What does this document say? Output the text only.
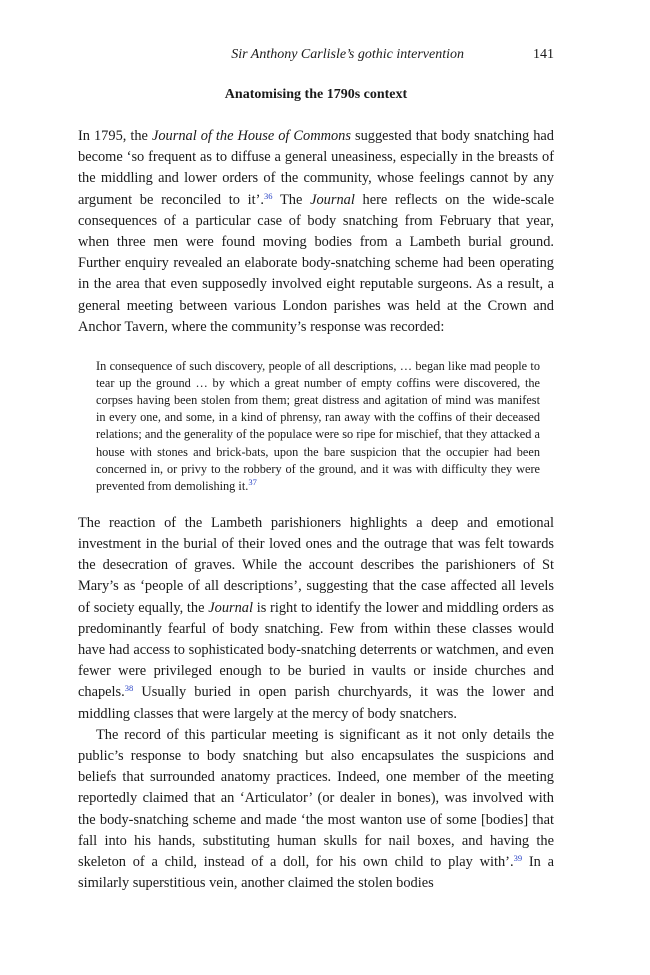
Sir Anthony Carlisle’s gothic intervention	141
Anatomising the 1790s context

In 1795, the Journal of the House of Commons suggested that body snatching had become ‘so frequent as to diffuse a general uneasiness, especially in the breasts of the middling and lower orders of the community, whose feelings cannot by any argument be reconciled to it’.$^{36}$ The Journal here reflects on the wide-scale consequences of a particular case of body snatching from February that year, when three men were found moving bodies from a Lambeth burial ground. Further enquiry revealed an elaborate body-snatching scheme had been operating in the area that even supposedly involved eight reputable surgeons. As a result, a general meeting between various London parishes was held at the Crown and Anchor Tavern, where the community’s response was recorded:

In consequence of such discovery, people of all descriptions, … began like mad people to tear up the ground … by which a great number of empty coffins were discovered, the corpses having been stolen from them; great distress and agitation of mind was manifest in every one, and some, in a kind of phrensy, ran away with the coffins of their deceased relations; and the generality of the populace were so ripe for mischief, that they attacked a house with stones and brick-bats, upon the bare suspicion that the occupier had been concerned in, or privy to the robbery of the ground, and it was with difficulty they were prevented from demolishing it.$^{37}$

The reaction of the Lambeth parishioners highlights a deep and emotional investment in the burial of their loved ones and the outrage that was felt towards the desecration of graves. While the account describes the parishioners of St Mary’s as ‘people of all descriptions’, suggesting that the case affected all levels of society equally, the Journal is right to identify the lower and middling orders as predominantly fearful of body snatching. Few from within these classes would have had access to sophisticated body-snatching deterrents or watchmen, and even fewer were privileged enough to be buried in vaults or inside churches and chapels.$^{38}$ Usually buried in open parish churchyards, it was the lower and middling classes that were largely at the mercy of body snatchers.

The record of this particular meeting is significant as it not only details the public’s response to body snatching but also encapsulates the suspicions and beliefs that surrounded anatomy practices. Indeed, one member of the meeting reportedly claimed that an ‘Articulator’ (or dealer in bones), was involved with the body-snatching scheme and made ‘the most wanton use of some [bodies] that fall into his hands, substituting human skulls for nail boxes, and having the skeleton of a child, instead of a doll, for his own child to play with’.$^{39}$ In a similarly superstitious vein, another claimed the stolen bodies
